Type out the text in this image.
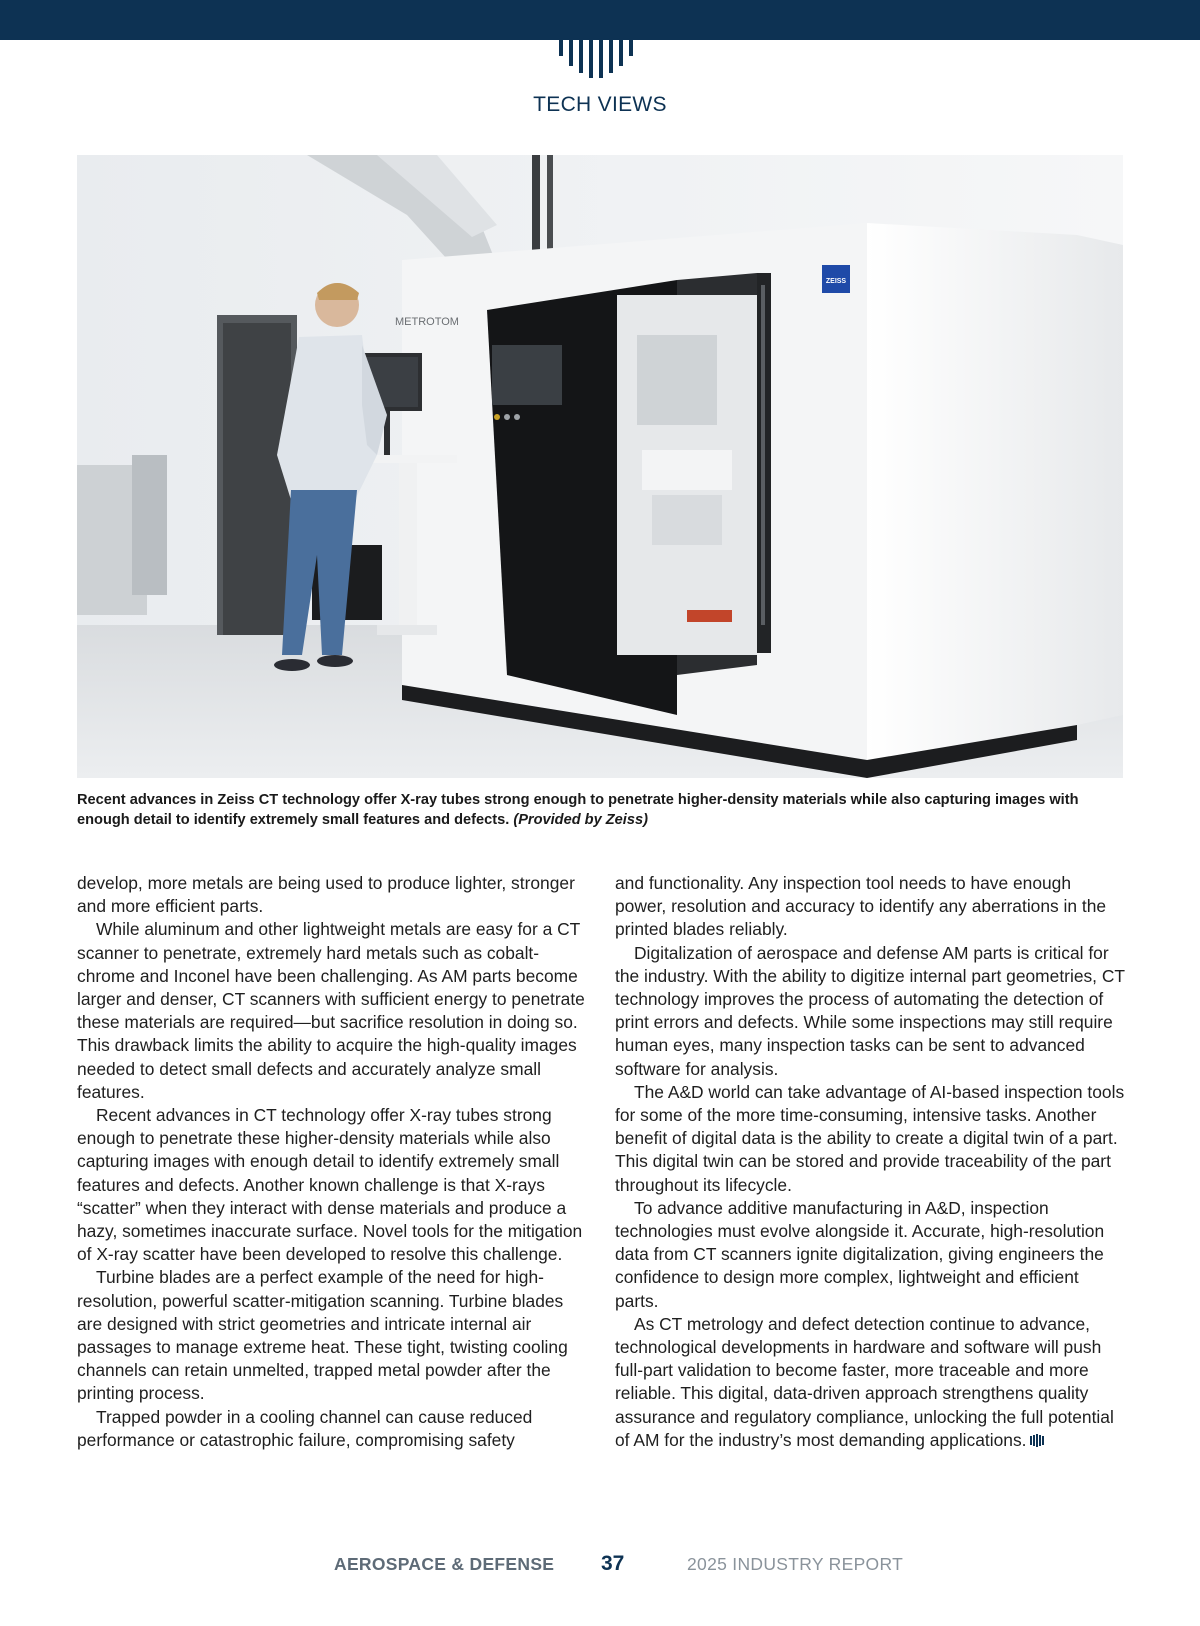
TECH VIEWS
ZEISS
METROTOM
Recent advances in Zeiss CT technology offer X-ray tubes strong enough to penetrate higher-density materials while also capturing images with enough detail to identify extremely small features and defects. (Provided by Zeiss)

develop, more metals are being used to produce lighter, stronger and more efficient parts.

While aluminum and other lightweight metals are easy for a CT scanner to penetrate, extremely hard metals such as cobalt-chrome and Inconel have been challenging. As AM parts become larger and denser, CT scanners with sufficient energy to penetrate these materials are required—but sacrifice resolution in doing so. This drawback limits the ability to acquire the high-quality images needed to detect small defects and accurately analyze small features.

Recent advances in CT technology offer X-ray tubes strong enough to penetrate these higher-density materials while also capturing images with enough detail to identify extremely small features and defects. Another known challenge is that X-rays “scatter” when they interact with dense materials and produce a hazy, sometimes inaccurate surface. Novel tools for the mitigation of X-ray scatter have been developed to resolve this challenge.

Turbine blades are a perfect example of the need for high-resolution, powerful scatter-mitigation scanning. Turbine blades are designed with strict geometries and intricate internal air passages to manage extreme heat. These tight, twisting cooling channels can retain unmelted, trapped metal powder after the printing process.

Trapped powder in a cooling channel can cause reduced performance or catastrophic failure, compromising safety

and functionality. Any inspection tool needs to have enough power, resolution and accuracy to identify any aberrations in the printed blades reliably.

Digitalization of aerospace and defense AM parts is critical for the industry. With the ability to digitize internal part geometries, CT technology improves the process of automating the detection of print errors and defects. While some inspections may still require human eyes, many inspection tasks can be sent to advanced software for analysis.

The A&D world can take advantage of AI-based inspection tools for some of the more time-consuming, intensive tasks. Another benefit of digital data is the ability to create a digital twin of a part. This digital twin can be stored and provide traceability of the part throughout its lifecycle.

To advance additive manufacturing in A&D, inspection technologies must evolve alongside it. Accurate, high-resolution data from CT scanners ignite digitalization, giving engineers the confidence to design more complex, lightweight and efficient parts.

As CT metrology and defect detection continue to advance, technological developments in hardware and software will push full-part validation to become faster, more traceable and more reliable. This digital, data-driven approach strengthens quality assurance and regulatory compliance, unlocking the full potential of AM for the industry’s most demanding applications.

AEROSPACE & DEFENSE 37	2025 INDUSTRY REPORT
